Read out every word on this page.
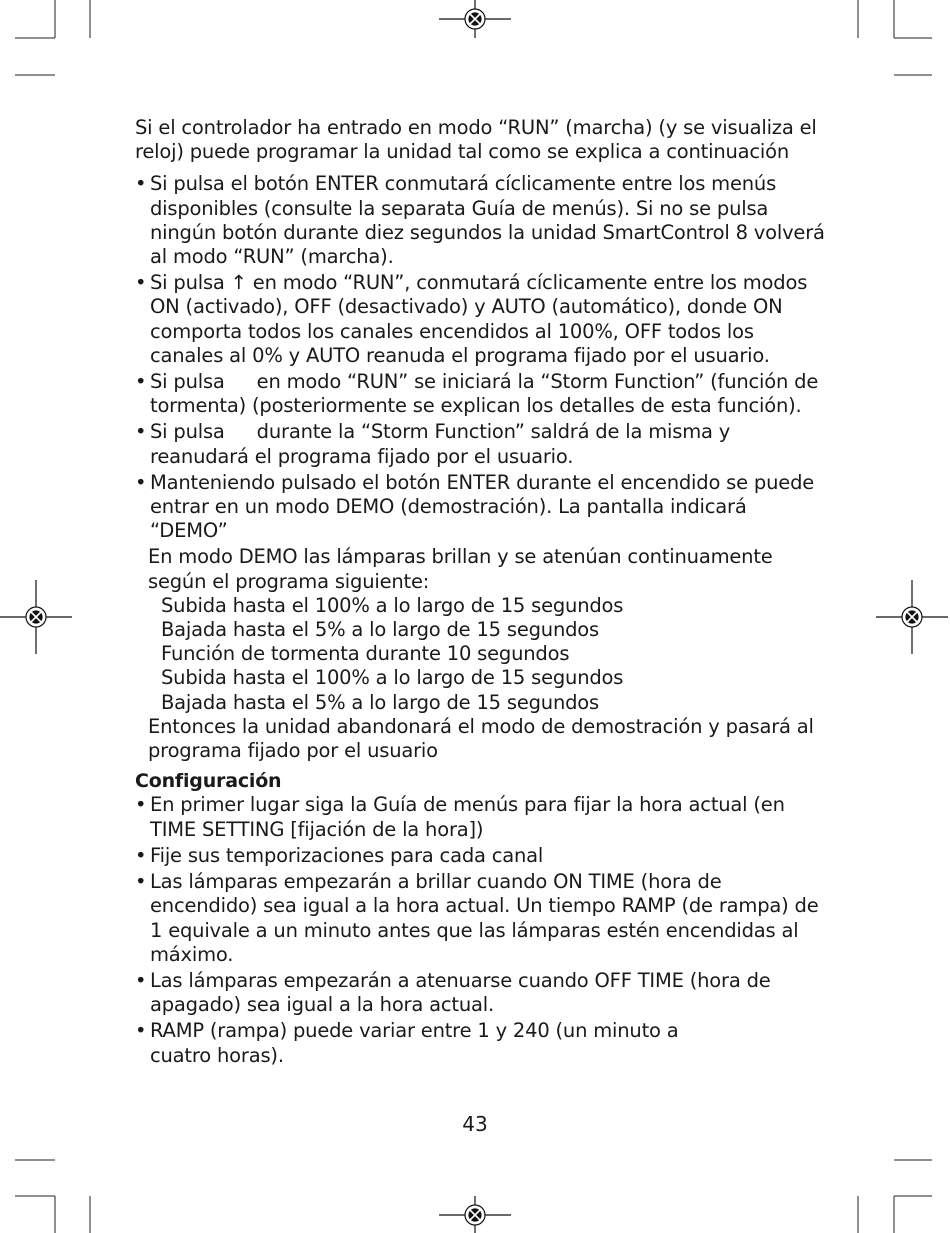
Si el controlador ha entrado en modo “RUN” (marcha) (y se visualiza el reloj) puede programar la unidad tal como se explica a continuación

• Si pulsa el botón ENTER conmutará cíclicamente entre los menús disponibles (consulte la separata Guía de menús). Si no se pulsa ningún botón durante diez segundos la unidad SmartControl 8 volverá al modo “RUN” (marcha).

• Si pulsa ↑ en modo “RUN”, conmutará cíclicamente entre los modos ON (activado), OFF (desactivado) y AUTO (automático), donde ON comporta todos los canales encendidos al 100%, OFF todos los canales al 0% y AUTO reanuda el programa fijado por el usuario.

• Si pulsa en modo “RUN” se iniciará la “Storm Function” (función de tormenta) (posteriormente se explican los detalles de esta función).

• Si pulsa durante la “Storm Function” saldrá de la misma y reanudará el programa fijado por el usuario.

• Manteniendo pulsado el botón ENTER durante el encendido se puede entrar en un modo DEMO (demostración). La pantalla indicará “DEMO”

En modo DEMO las lámparas brillan y se atenúan continuamente según el programa siguiente:

Subida hasta el 100% a lo largo de 15 segundos

Bajada hasta el 5% a lo largo de 15 segundos

Función de tormenta durante 10 segundos

Subida hasta el 100% a lo largo de 15 segundos

Bajada hasta el 5% a lo largo de 15 segundos

Entonces la unidad abandonará el modo de demostración y pasará al programa fijado por el usuario

Configuración

• En primer lugar siga la Guía de menús para fijar la hora actual (en TIME SETTING [fijación de la hora])

• Fije sus temporizaciones para cada canal

• Las lámparas empezarán a brillar cuando ON TIME (hora de encendido) sea igual a la hora actual. Un tiempo RAMP (de rampa) de 1 equivale a un minuto antes que las lámparas estén encendidas al máximo.

• Las lámparas empezarán a atenuarse cuando OFF TIME (hora de apagado) sea igual a la hora actual.

• RAMP (rampa) puede variar entre 1 y 240 (un minuto a cuatro horas).

43
